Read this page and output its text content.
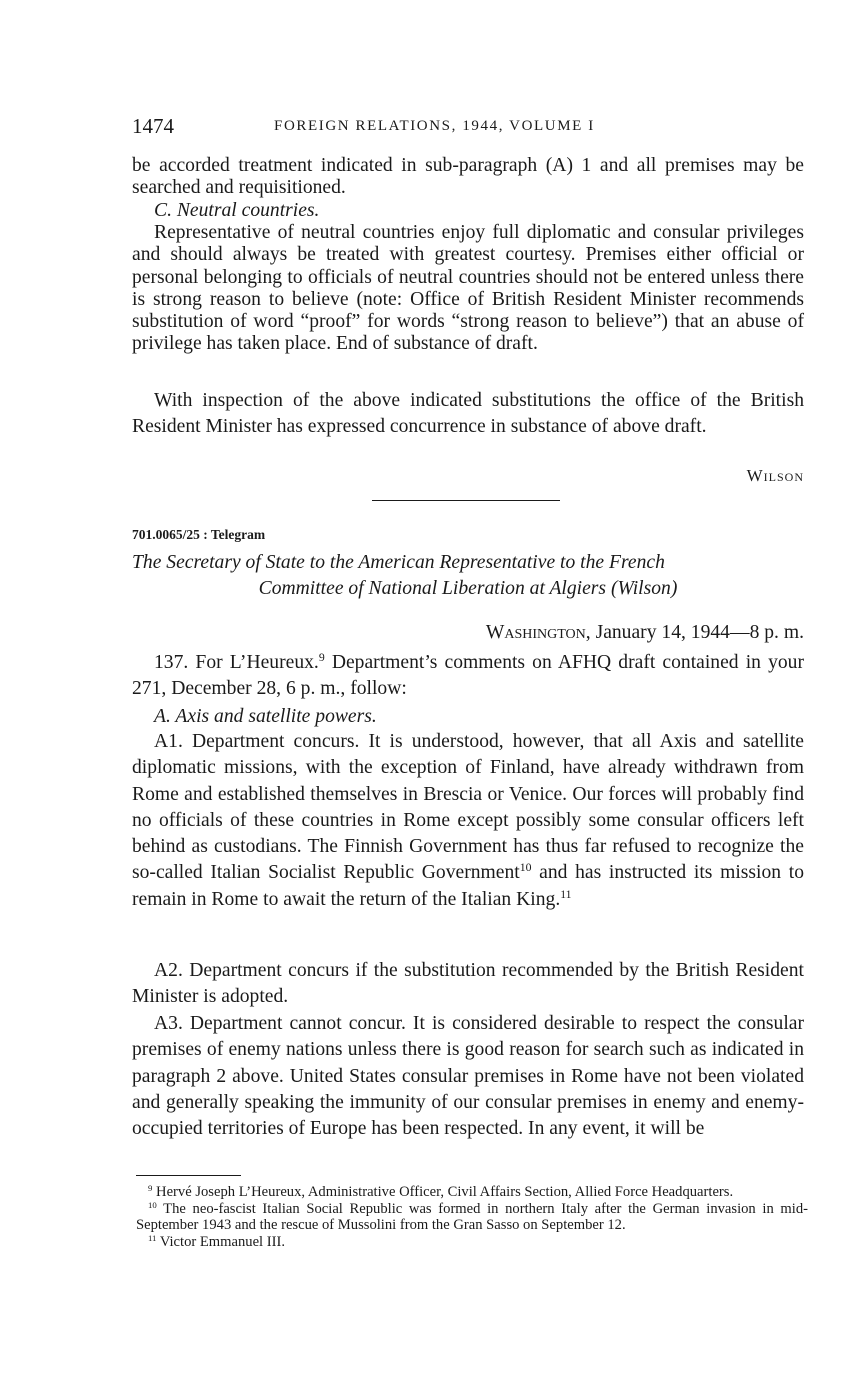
1474	FOREIGN RELATIONS, 1944, VOLUME I

be accorded treatment indicated in sub-paragraph (A) 1 and all premises may be searched and requisitioned.

C. Neutral countries.

Representative of neutral countries enjoy full diplomatic and consular privileges and should always be treated with greatest courtesy. Premises either official or personal belonging to officials of neutral countries should not be entered unless there is strong reason to believe (note: Office of British Resident Minister recommends substitution of word “proof” for words “strong reason to believe”) that an abuse of privilege has taken place. End of substance of draft.

With inspection of the above indicated substitutions the office of the British Resident Minister has expressed concurrence in substance of above draft.

Wilson
701.0065/25 : Telegram
The Secretary of State to the American Representative to the French
Committee of National Liberation at Algiers (Wilson)
Washington, January 14, 1944—8 p. m.

137. For L’Heureux.$^9$ Department’s comments on AFHQ draft contained in your 271, December 28, 6 p. m., follow:

A. Axis and satellite powers.

A1. Department concurs. It is understood, however, that all Axis and satellite diplomatic missions, with the exception of Finland, have already withdrawn from Rome and established themselves in Brescia or Venice. Our forces will probably find no officials of these countries in Rome except possibly some consular officers left behind as custodians. The Finnish Government has thus far refused to recognize the so-called Italian Socialist Republic Government$^{10}$ and has instructed its mission to remain in Rome to await the return of the Italian King.$^{11}$

A2. Department concurs if the substitution recommended by the British Resident Minister is adopted.

A3. Department cannot concur. It is considered desirable to respect the consular premises of enemy nations unless there is good reason for search such as indicated in paragraph 2 above. United States consular premises in Rome have not been violated and generally speaking the immunity of our consular premises in enemy and enemy-occupied territories of Europe has been respected. In any event, it will be

$^9$ Hervé Joseph L’Heureux, Administrative Officer, Civil Affairs Section, Allied Force Headquarters.

$^{10}$ The neo-fascist Italian Social Republic was formed in northern Italy after the German invasion in mid-September 1943 and the rescue of Mussolini from the Gran Sasso on September 12.

$^{11}$ Victor Emmanuel III.
